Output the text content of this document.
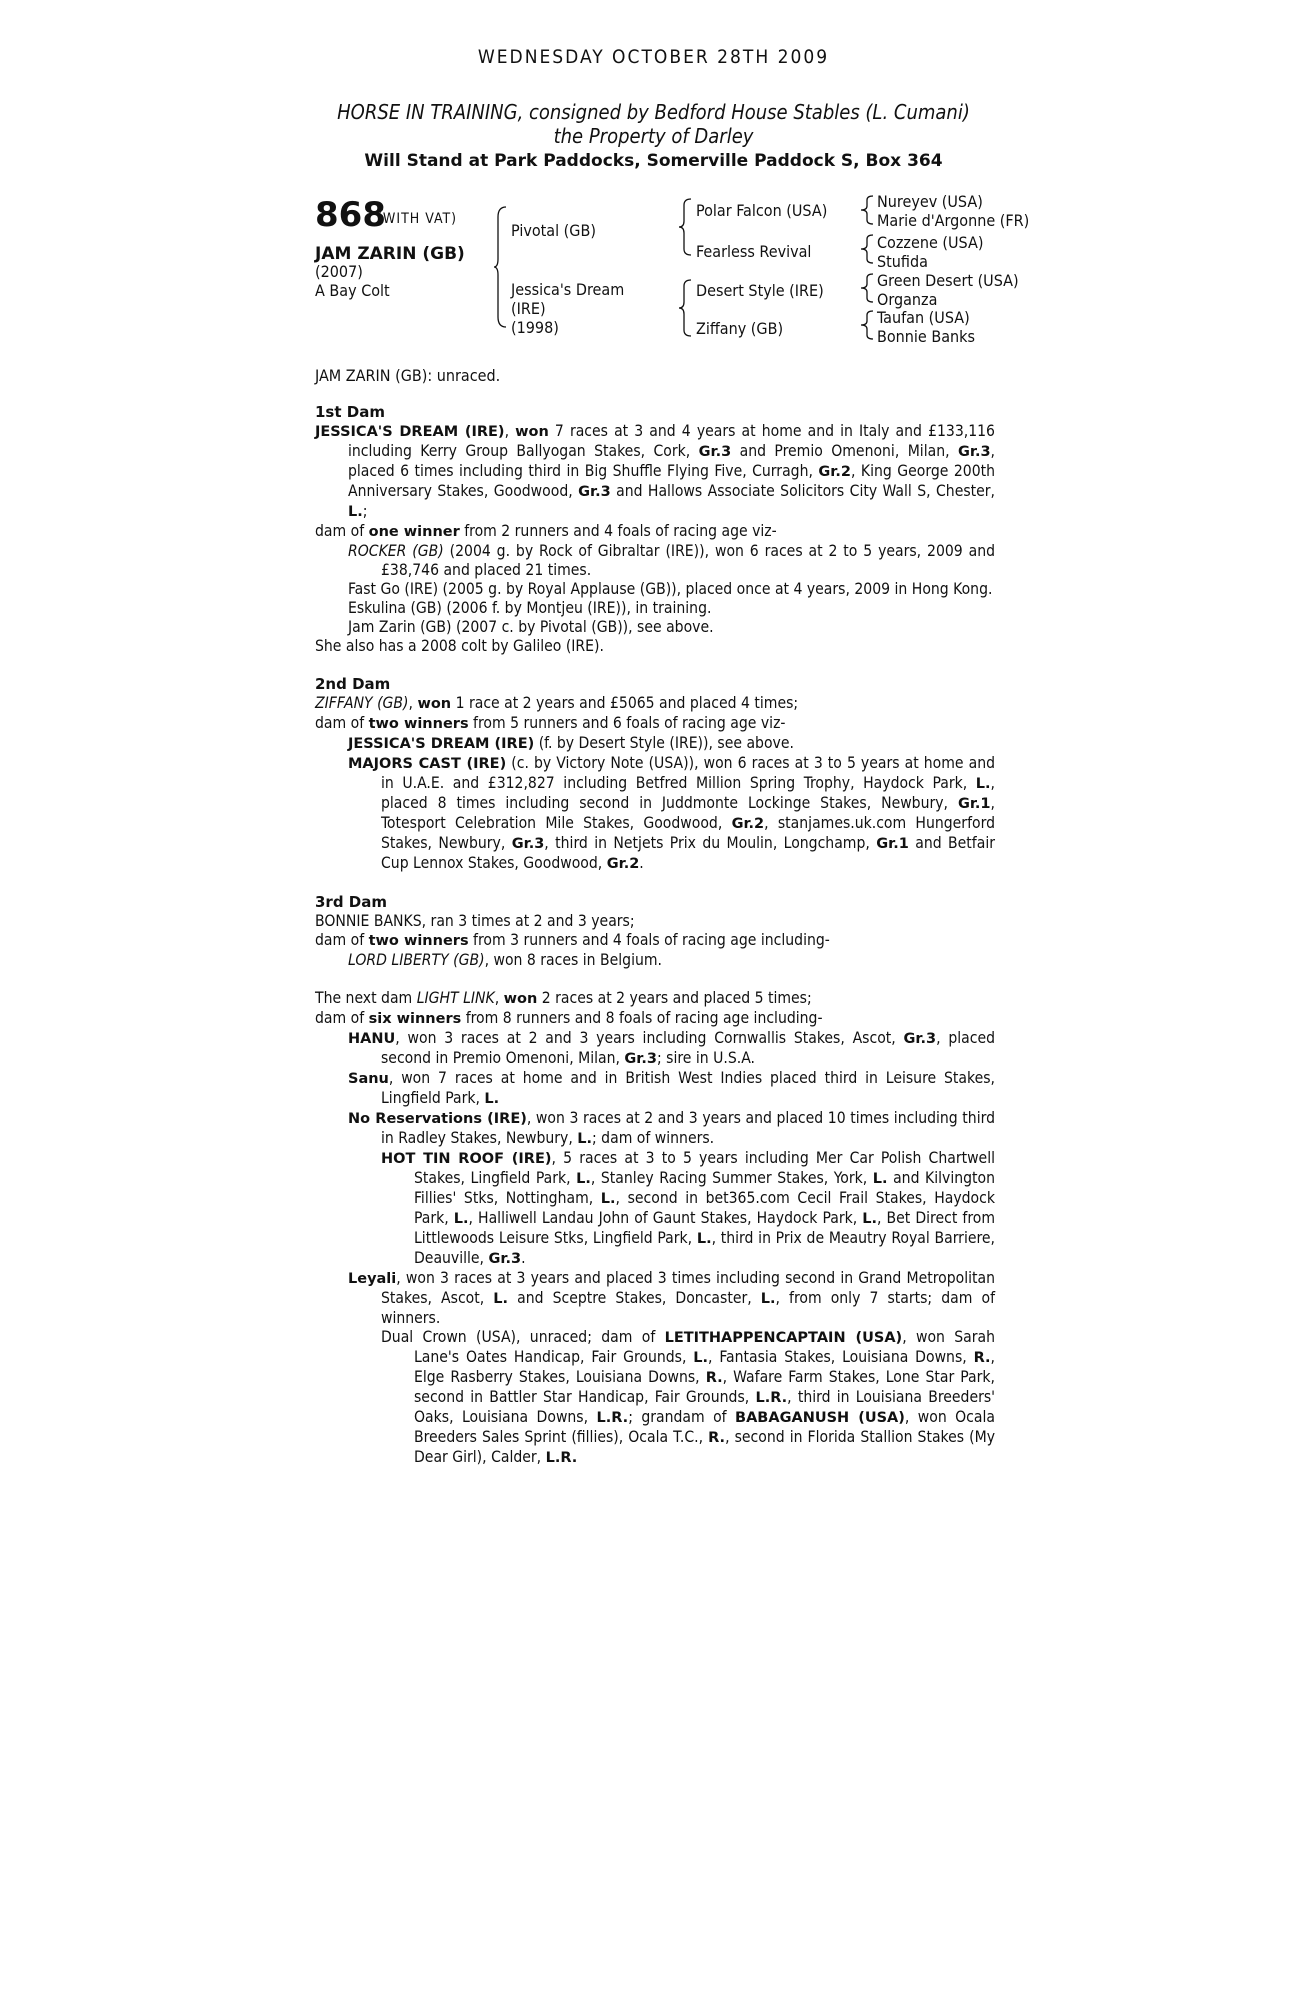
WEDNESDAY OCTOBER 28TH 2009
HORSE IN TRAINING, consigned by Bedford House Stables (L. Cumani)
the Property of Darley
Will Stand at Park Paddocks, Somerville Paddock S, Box 364
868
(WITH VAT)
JAM ZARIN (GB)
(2007)
A Bay Colt
Pivotal (GB)
Jessica's Dream
(IRE)
(1998)
Polar Falcon (USA)
Fearless Revival
Desert Style (IRE)
Ziffany (GB)
Nureyev (USA)
Marie d'Argonne (FR)
Cozzene (USA)
Stufida
Green Desert (USA)
Organza
Taufan (USA)
Bonnie Banks
JAM ZARIN (GB): unraced.

1st Dam

JESSICA'S DREAM (IRE), won 7 races at 3 and 4 years at home and in Italy and £133,116 including Kerry Group Ballyogan Stakes, Cork, Gr.3 and Premio Omenoni, Milan, Gr.3, placed 6 times including third in Big Shuffle Flying Five, Curragh, Gr.2, King George 200th Anniversary Stakes, Goodwood, Gr.3 and Hallows Associate Solicitors City Wall S, Chester, L.;

dam of one winner from 2 runners and 4 foals of racing age viz-

ROCKER (GB) (2004 g. by Rock of Gibraltar (IRE)), won 6 races at 2 to 5 years, 2009 and £38,746 and placed 21 times.

Fast Go (IRE) (2005 g. by Royal Applause (GB)), placed once at 4 years, 2009 in Hong Kong.

Eskulina (GB) (2006 f. by Montjeu (IRE)), in training.

Jam Zarin (GB) (2007 c. by Pivotal (GB)), see above.

She also has a 2008 colt by Galileo (IRE).

2nd Dam

ZIFFANY (GB), won 1 race at 2 years and £5065 and placed 4 times;

dam of two winners from 5 runners and 6 foals of racing age viz-

JESSICA'S DREAM (IRE) (f. by Desert Style (IRE)), see above.

MAJORS CAST (IRE) (c. by Victory Note (USA)), won 6 races at 3 to 5 years at home and in U.A.E. and £312,827 including Betfred Million Spring Trophy, Haydock Park, L., placed 8 times including second in Juddmonte Lockinge Stakes, Newbury, Gr.1, Totesport Celebration Mile Stakes, Goodwood, Gr.2, stanjames.uk.com Hungerford Stakes, Newbury, Gr.3, third in Netjets Prix du Moulin, Longchamp, Gr.1 and Betfair Cup Lennox Stakes, Goodwood, Gr.2.

3rd Dam

BONNIE BANKS, ran 3 times at 2 and 3 years;

dam of two winners from 3 runners and 4 foals of racing age including-

LORD LIBERTY (GB), won 8 races in Belgium.

The next dam LIGHT LINK, won 2 races at 2 years and placed 5 times;

dam of six winners from 8 runners and 8 foals of racing age including-

HANU, won 3 races at 2 and 3 years including Cornwallis Stakes, Ascot, Gr.3, placed second in Premio Omenoni, Milan, Gr.3; sire in U.S.A.

Sanu, won 7 races at home and in British West Indies placed third in Leisure Stakes, Lingfield Park, L.

No Reservations (IRE), won 3 races at 2 and 3 years and placed 10 times including third in Radley Stakes, Newbury, L.; dam of winners.

HOT TIN ROOF (IRE), 5 races at 3 to 5 years including Mer Car Polish Chartwell Stakes, Lingfield Park, L., Stanley Racing Summer Stakes, York, L. and Kilvington Fillies' Stks, Nottingham, L., second in bet365.com Cecil Frail Stakes, Haydock Park, L., Halliwell Landau John of Gaunt Stakes, Haydock Park, L., Bet Direct from Littlewoods Leisure Stks, Lingfield Park, L., third in Prix de Meautry Royal Barriere, Deauville, Gr.3.

Leyali, won 3 races at 3 years and placed 3 times including second in Grand Metropolitan Stakes, Ascot, L. and Sceptre Stakes, Doncaster, L., from only 7 starts; dam of winners.

Dual Crown (USA), unraced; dam of LETITHAPPENCAPTAIN (USA), won Sarah Lane's Oates Handicap, Fair Grounds, L., Fantasia Stakes, Louisiana Downs, R., Elge Rasberry Stakes, Louisiana Downs, R., Wafare Farm Stakes, Lone Star Park, second in Battler Star Handicap, Fair Grounds, L.R., third in Louisiana Breeders' Oaks, Louisiana Downs, L.R.; grandam of BABAGANUSH (USA), won Ocala Breeders Sales Sprint (fillies), Ocala T.C., R., second in Florida Stallion Stakes (My Dear Girl), Calder, L.R.
